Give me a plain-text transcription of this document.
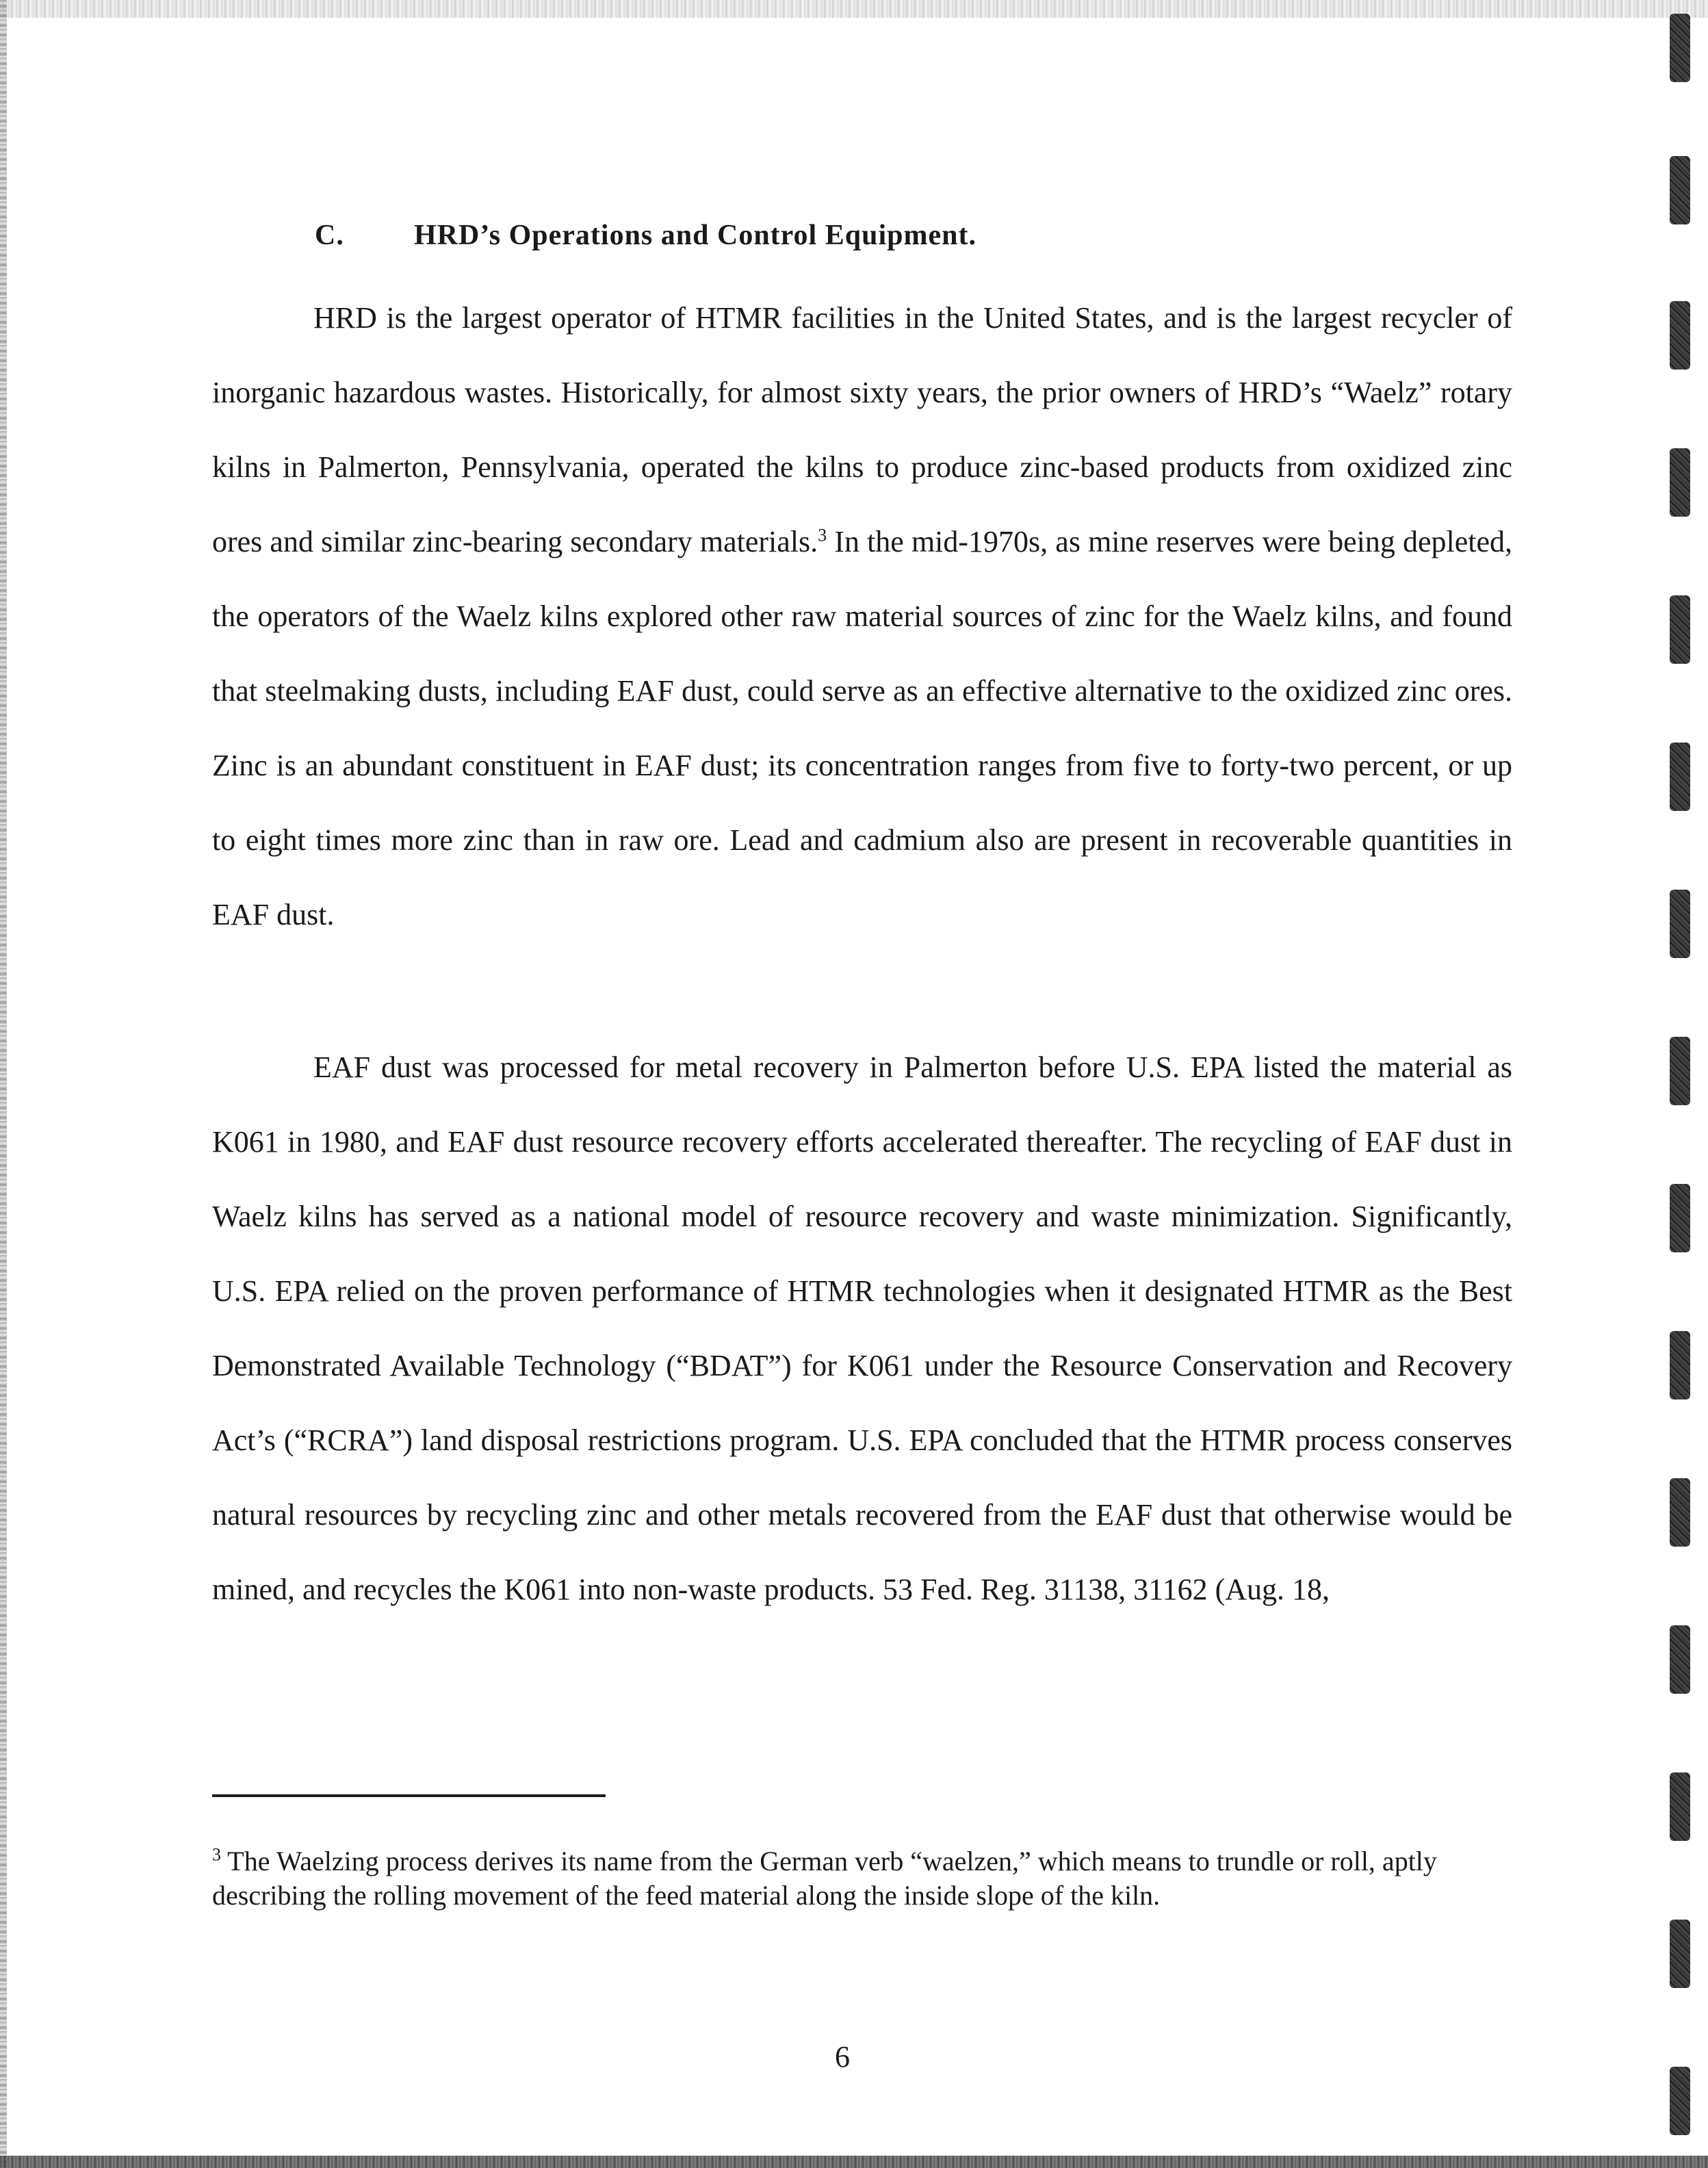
C. HRD’s Operations and Control Equipment.

HRD is the largest operator of HTMR facilities in the United States, and is the largest recycler of inorganic hazardous wastes. Historically, for almost sixty years, the prior owners of HRD’s “Waelz” rotary kilns in Palmerton, Pennsylvania, operated the kilns to produce zinc-based products from oxidized zinc ores and similar zinc-bearing secondary materials.$^3$ In the mid-1970s, as mine reserves were being depleted, the operators of the Waelz kilns explored other raw material sources of zinc for the Waelz kilns, and found that steelmaking dusts, including EAF dust, could serve as an effective alternative to the oxidized zinc ores. Zinc is an abundant constituent in EAF dust; its concentration ranges from five to forty-two percent, or up to eight times more zinc than in raw ore. Lead and cadmium also are present in recoverable quantities in EAF dust.

EAF dust was processed for metal recovery in Palmerton before U.S. EPA listed the material as K061 in 1980, and EAF dust resource recovery efforts accelerated thereafter. The recycling of EAF dust in Waelz kilns has served as a national model of resource recovery and waste minimization. Significantly, U.S. EPA relied on the proven performance of HTMR technologies when it designated HTMR as the Best Demonstrated Available Technology (“BDAT”) for K061 under the Resource Conservation and Recovery Act’s (“RCRA”) land disposal restrictions program. U.S. EPA concluded that the HTMR process conserves natural resources by recycling zinc and other metals recovered from the EAF dust that otherwise would be mined, and recycles the K061 into non-waste products. 53 Fed. Reg. 31138, 31162 (Aug. 18,

$^3$ The Waelzing process derives its name from the German verb “waelzen,” which means to trundle or roll, aptly describing the rolling movement of the feed material along the inside slope of the kiln.

6
